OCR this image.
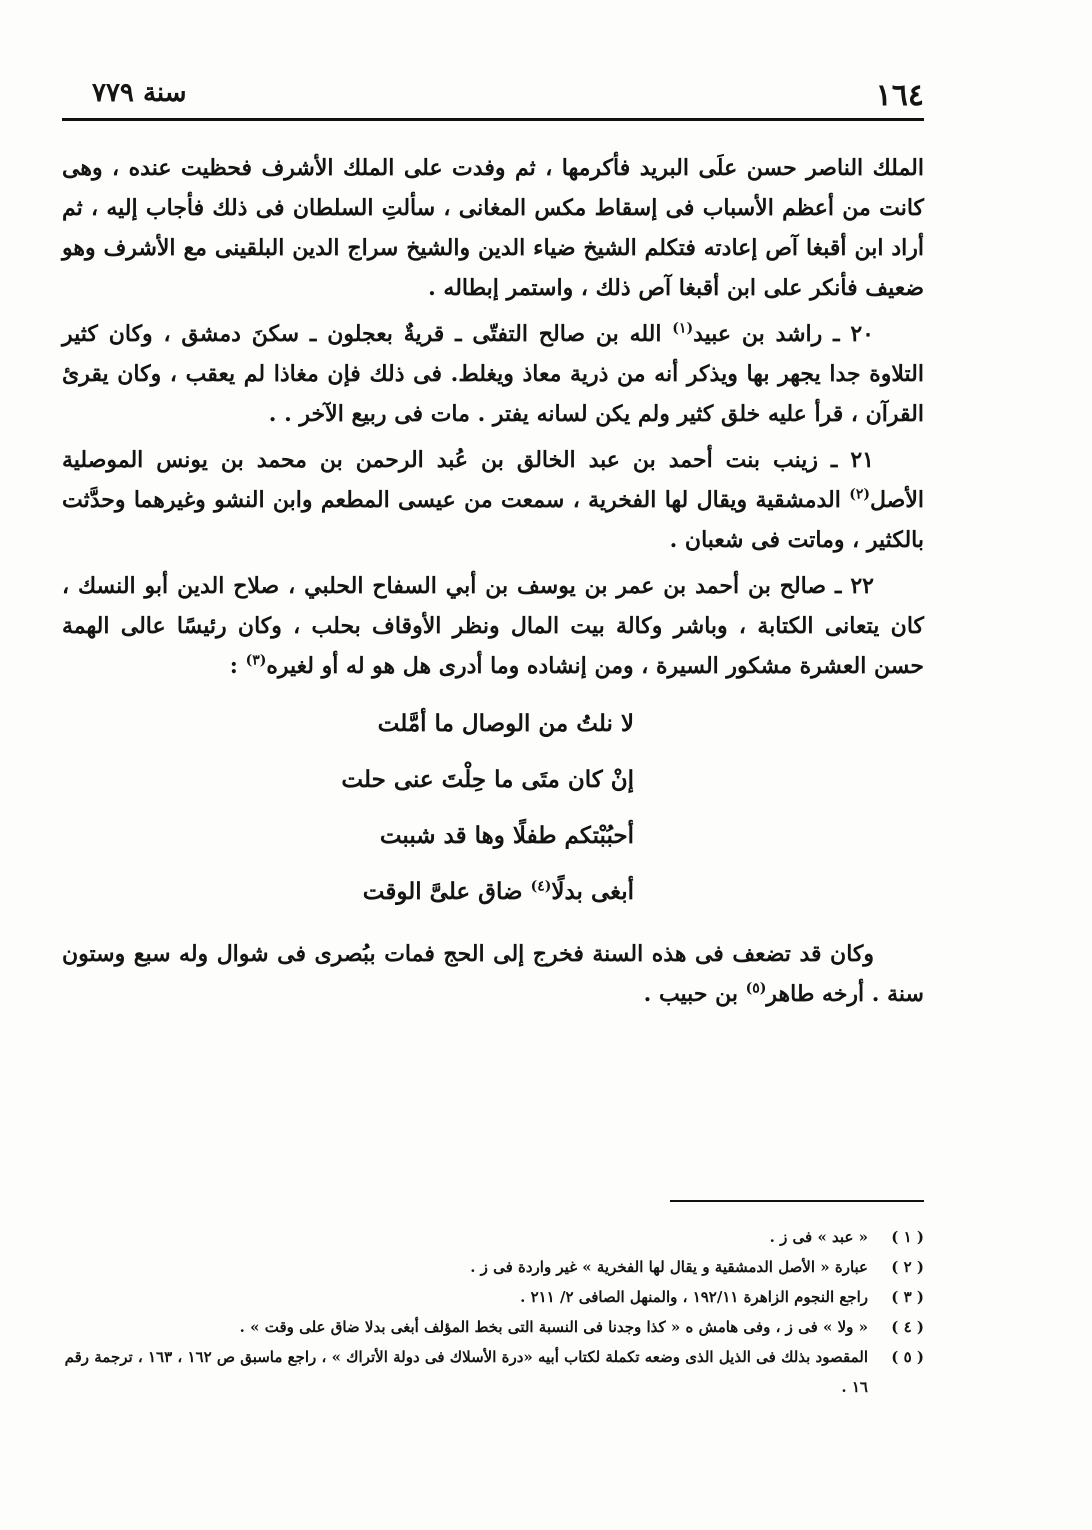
١٦٤
سنة ٧٧٩

الملك الناصر حسن علَى البريد فأكرمها ، ثم وفدت على الملك الأشرف فحظيت عنده ، وهى كانت من أعظم الأسباب فى إسقاط مكس المغانى ، سألتِ السلطان فى ذلك فأجاب إليه ، ثم أراد ابن أقبغا آص إعادته فتكلم الشيخ ضياء الدين والشيخ سراج الدين البلقينى مع الأشرف وهو ضعيف فأنكر على ابن أقبغا آص ذلك ، واستمر إبطاله .

٢٠ ـ راشد بن عبيد$^{(١)}$ الله بن صالح التفتّى ـ قريةٌ بعجلون ـ سكنَ دمشق ، وكان كثير التلاوة جدا يجهر بها ويذكر أنه من ذرية معاذ ويغلط. فى ذلك فإن مغاذا لم يعقب ، وكان يقرئ القرآن ، قرأ عليه خلق كثير ولم يكن لسانه يفتر . مات فى ربيع الآخر . .

٢١ ـ زينب بنت أحمد بن عبد الخالق بن عُبد الرحمن بن محمد بن يونس الموصلية الأصل$^{(٢)}$ الدمشقية ويقال لها الفخرية ، سمعت من عيسى المطعم وابن النشو وغيرهما وحدَّثت بالكثير ، وماتت فى شعبان .

٢٢ ـ صالح بن أحمد بن عمر بن يوسف بن أبي السفاح الحلبي ، صلاح الدين أبو النسك ، كان يتعانى الكتابة ، وباشر وكالة بيت المال ونظر الأوقاف بحلب ، وكان رئيسًا عالى الهمة حسن العشرة مشكور السيرة ، ومن إنشاده وما أدرى هل هو له أو لغيره$^{(٣)}$ :

لا نلتُ من الوصال ما أمَّلت
إنْ كان متَى ما حِلْتَ عنى حلت
أحبُبْتكم طفلًا وها قد شببت
أبغى بدلًا$^{(٤)}$ ضاق علىَّ الوقت

وكان قد تضعف فى هذه السنة فخرج إلى الحج فمات ببُصرى فى شوال وله سبع وستون سنة . أرخه طاهر$^{(٥)}$ بن حبيب .

( ١ )
« عبد » فى ز .
( ٢ )
عبارة « الأصل الدمشقية و يقال لها الفخرية » غير واردة فى ز .
( ٣ )
راجع النجوم الزاهرة ١٩٢/١١ ، والمنهل الصافى ٢/ ٢١١ .
( ٤ )
« ولا » فى ز ، وفى هامش ه « كذا وجدنا فى النسبة التى بخط المؤلف أبغى بدلا ضاق على وقت » .
( ٥ )
المقصود بذلك فى الذيل الذى وضعه تكملة لكتاب أبيه «درة الأسلاك فى دولة الأتراك » ، راجع ماسبق ص ١٦٢ ، ١٦٣ ، ترجمة رقم ١٦ .
